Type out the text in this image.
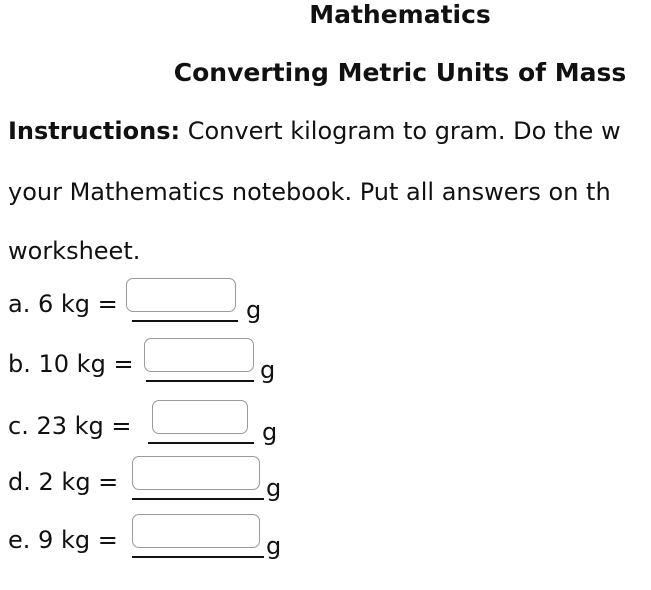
Mathematics
Converting Metric Units of Mass

Instructions: Convert kilogram to gram. Do the w

your Mathematics notebook. Put all answers on th

worksheet.

a. 6 kg =	g
b. 10 kg =	g
c. 23 kg =	g
d. 2 kg =	g
e. 9 kg =	g
